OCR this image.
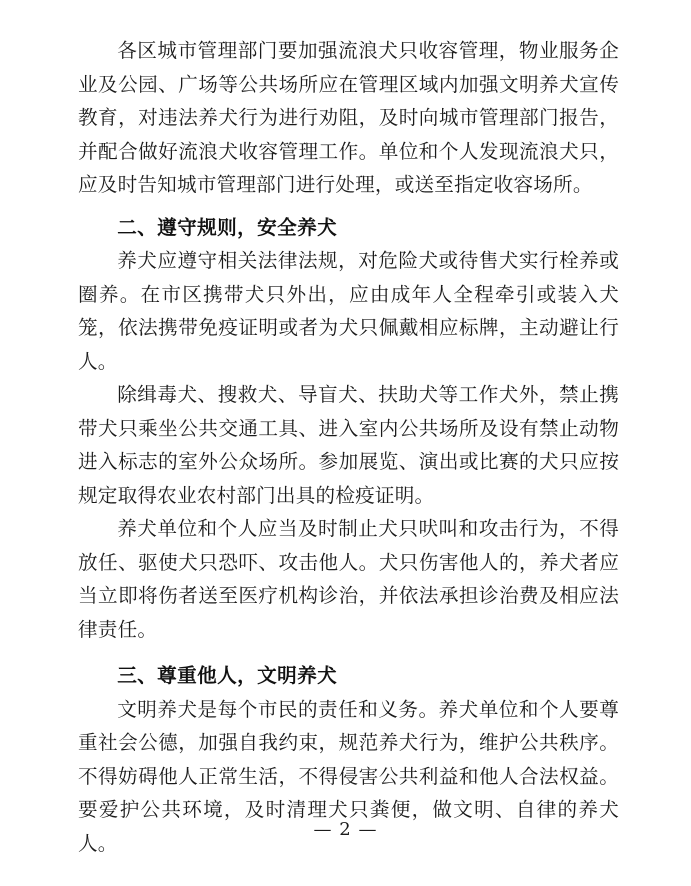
各区城市管理部门要加强流浪犬只收容管理，物业服务企业及公园、广场等公共场所应在管理区域内加强文明养犬宣传教育，对违法养犬行为进行劝阻，及时向城市管理部门报告，并配合做好流浪犬收容管理工作。单位和个人发现流浪犬只，应及时告知城市管理部门进行处理，或送至指定收容场所。

二、遵守规则，安全养犬

养犬应遵守相关法律法规，对危险犬或待售犬实行栓养或圈养。在市区携带犬只外出，应由成年人全程牵引或装入犬笼，依法携带免疫证明或者为犬只佩戴相应标牌，主动避让行人。

除缉毒犬、搜救犬、导盲犬、扶助犬等工作犬外，禁止携带犬只乘坐公共交通工具、进入室内公共场所及设有禁止动物进入标志的室外公众场所。参加展览、演出或比赛的犬只应按规定取得农业农村部门出具的检疫证明。

养犬单位和个人应当及时制止犬只吠叫和攻击行为，不得放任、驱使犬只恐吓、攻击他人。犬只伤害他人的，养犬者应当立即将伤者送至医疗机构诊治，并依法承担诊治费及相应法律责任。

三、尊重他人，文明养犬

文明养犬是每个市民的责任和义务。养犬单位和个人要尊重社会公德，加强自我约束，规范养犬行为，维护公共秩序。不得妨碍他人正常生活，不得侵害公共利益和他人合法权益。要爱护公共环境，及时清理犬只粪便，做文明、自律的养犬人。

— 2 —
